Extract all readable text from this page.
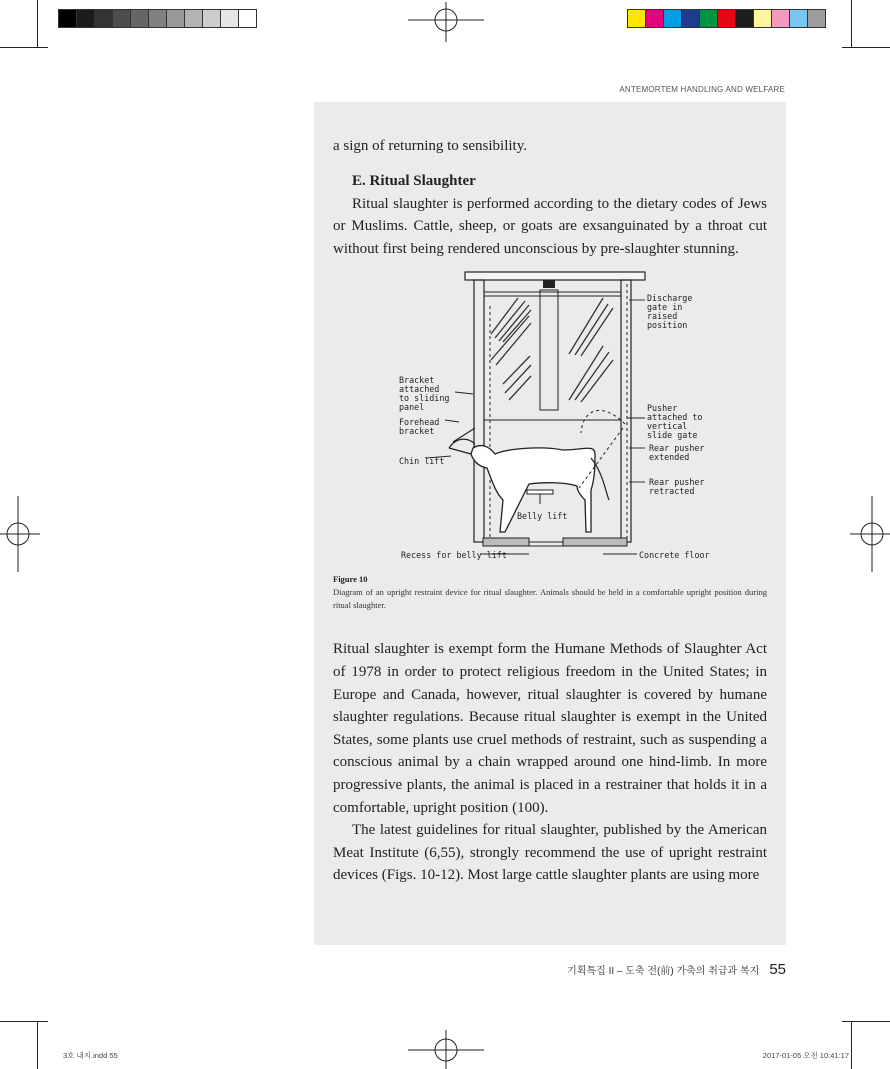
ANTEMORTEM HANDLING AND WELFARE

a sign of returning to sensibility.

E. Ritual Slaughter

Ritual slaughter is performed according to the dietary codes of Jews or Muslims. Cattle, sheep, or goats are exsanguinated by a throat cut without first being rendered unconscious by pre-slaughter stunning.

Discharge
gate in
raised
position
Bracket
attached
to sliding
panel
Forehead
bracket
Chin lift
Pusher
attached to
vertical
slide gate
Rear pusher
extended
Rear pusher
retracted
Belly lift
Recess for belly lift	Concrete floor
Figure 10
Diagram of an upright restraint device for ritual slaughter. Animals should be held in a comfortable upright position during ritual slaughter.

Ritual slaughter is exempt form the Humane Methods of Slaughter Act of 1978 in order to protect religious freedom in the United States; in Europe and Canada, however, ritual slaughter is covered by humane slaughter regulations. Because ritual slaughter is exempt in the United States, some plants use cruel methods of restraint, such as suspending a conscious animal by a chain wrapped around one hind-limb. In more progressive plants, the animal is placed in a restrainer that holds it in a comfortable, upright position (100).

The latest guidelines for ritual slaughter, published by the American Meat Institute (6,55), strongly recommend the use of upright restraint devices (Figs. 10-12). Most large cattle slaughter plants are using more

기획특집 II – 도축 전(前) 가축의 취급과 복지 55
3호 내지.indd 55	2017-01-05 오전 10:41:17
